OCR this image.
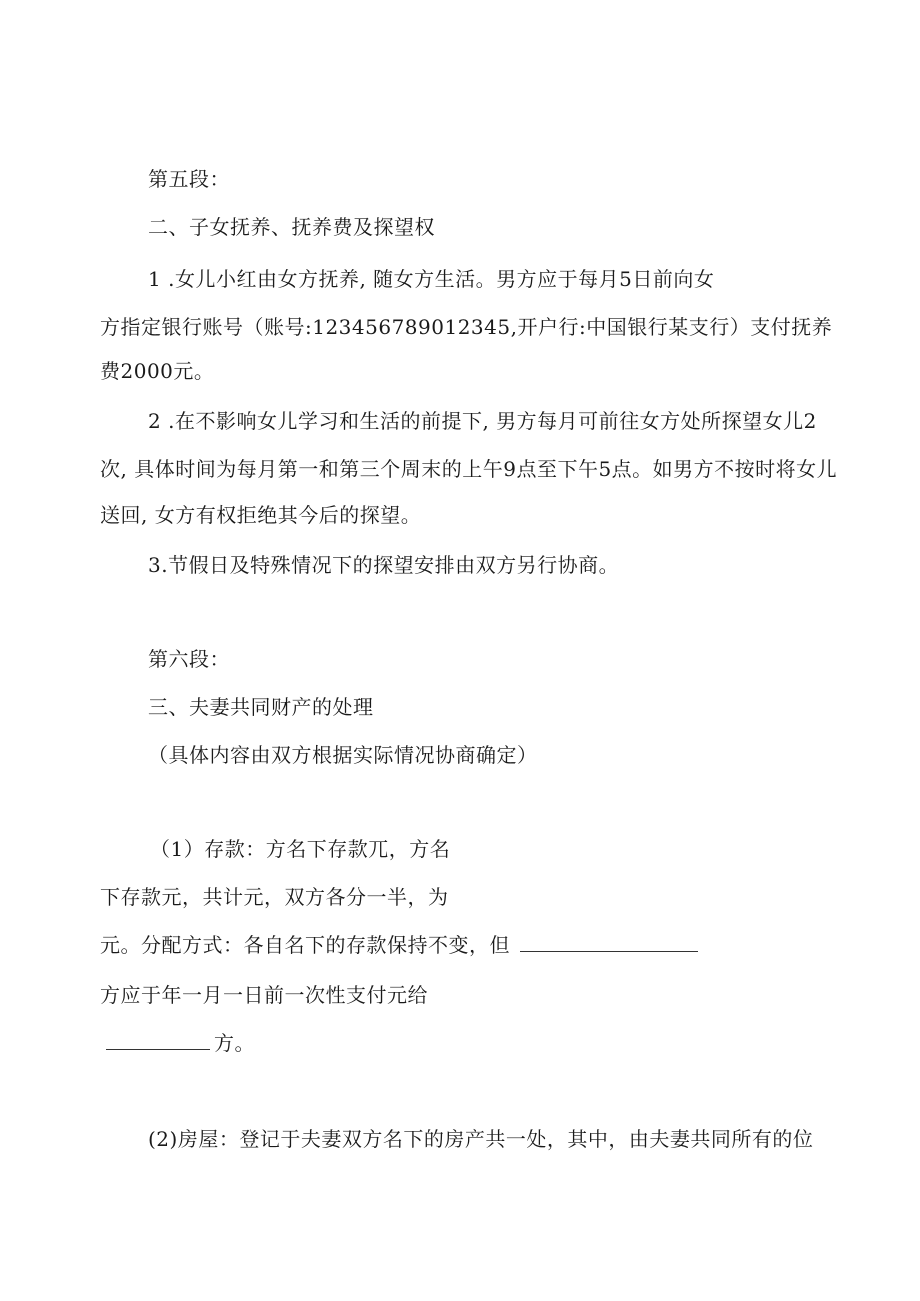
第五段：
二、子女抚养、抚养费及探望权
1 .女儿小红由女方抚养, 随女方生活。男方应于每月5日前向女
方指定银行账号（账号:123456789012345,开户行:中国银行某支行）支付抚养
费2000元。
2 .在不影响女儿学习和生活的前提下, 男方每月可前往女方处所探望女儿2
次, 具体时间为每月第一和第三个周末的上午9点至下午5点。如男方不按时将女儿
送回, 女方有权拒绝其今后的探望。
3.节假日及特殊情况下的探望安排由双方另行协商。
第六段：
三、夫妻共同财产的处理
（具体内容由双方根据实际情况协商确定）
（1）存款：方名下存款兀，方名
下存款元，共计元，双方各分一半，为
元。分配方式：各自名下的存款保持不变，但
方应于年一月一日前一次性支付元给
方。
(2)房屋：登记于夫妻双方名下的房产共一处，其中，由夫妻共同所有的位
